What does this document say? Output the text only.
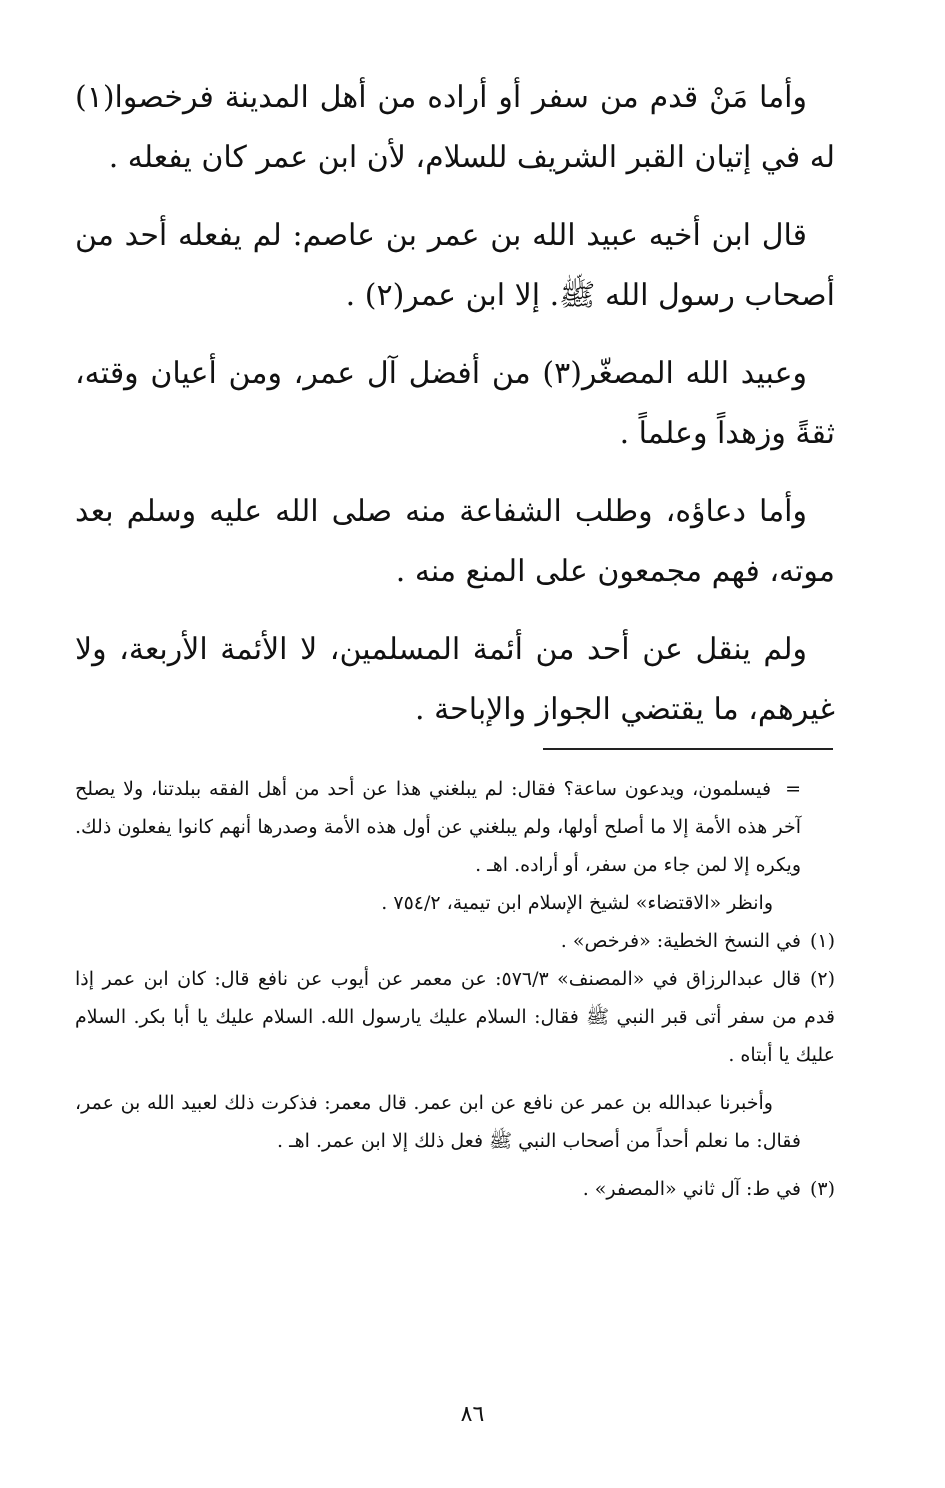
وأما مَنْ قدم من سفر أو أراده من أهل المدينة فرخصوا(١) له في إتيان القبر الشريف للسلام، لأن ابن عمر كان يفعله .

قال ابن أخيه عبيد الله بن عمر بن عاصم: لم يفعله أحد من أصحاب رسول الله ﷺ. إلا ابن عمر(٢) .

وعبيد الله المصغّر(٣) من أفضل آل عمر، ومن أعيان وقته، ثقةً وزهداً وعلماً .

وأما دعاؤه، وطلب الشفاعة منه صلى الله عليه وسلم بعد موته، فهم مجمعون على المنع منه .

ولم ينقل عن أحد من أئمة المسلمين، لا الأئمة الأربعة، ولا غيرهم، ما يقتضي الجواز والإباحة .

=فيسلمون، ويدعون ساعة؟ فقال: لم يبلغني هذا عن أحد من أهل الفقه ببلدتنا، ولا يصلح آخر هذه الأمة إلا ما أصلح أولها، ولم يبلغني عن أول هذه الأمة وصدرها أنهم كانوا يفعلون ذلك. ويكره إلا لمن جاء من سفر، أو أراده. اهـ .

وانظر «الاقتضاء» لشيخ الإسلام ابن تيمية، ٧٥٤/٢ .

(١)في النسخ الخطية: «فرخص» .

(٢)قال عبدالرزاق في «المصنف» ٥٧٦/٣: عن معمر عن أيوب عن نافع قال: كان ابن عمر إذا قدم من سفر أتى قبر النبي ﷺ فقال: السلام عليك يارسول الله. السلام عليك يا أبا بكر. السلام عليك يا أبتاه .

وأخبرنا عبدالله بن عمر عن نافع عن ابن عمر. قال معمر: فذكرت ذلك لعبيد الله بن عمر، فقال: ما نعلم أحداً من أصحاب النبي ﷺ فعل ذلك إلا ابن عمر. اهـ .

(٣)في ط: آل ثاني «المصفر» .

٨٦
